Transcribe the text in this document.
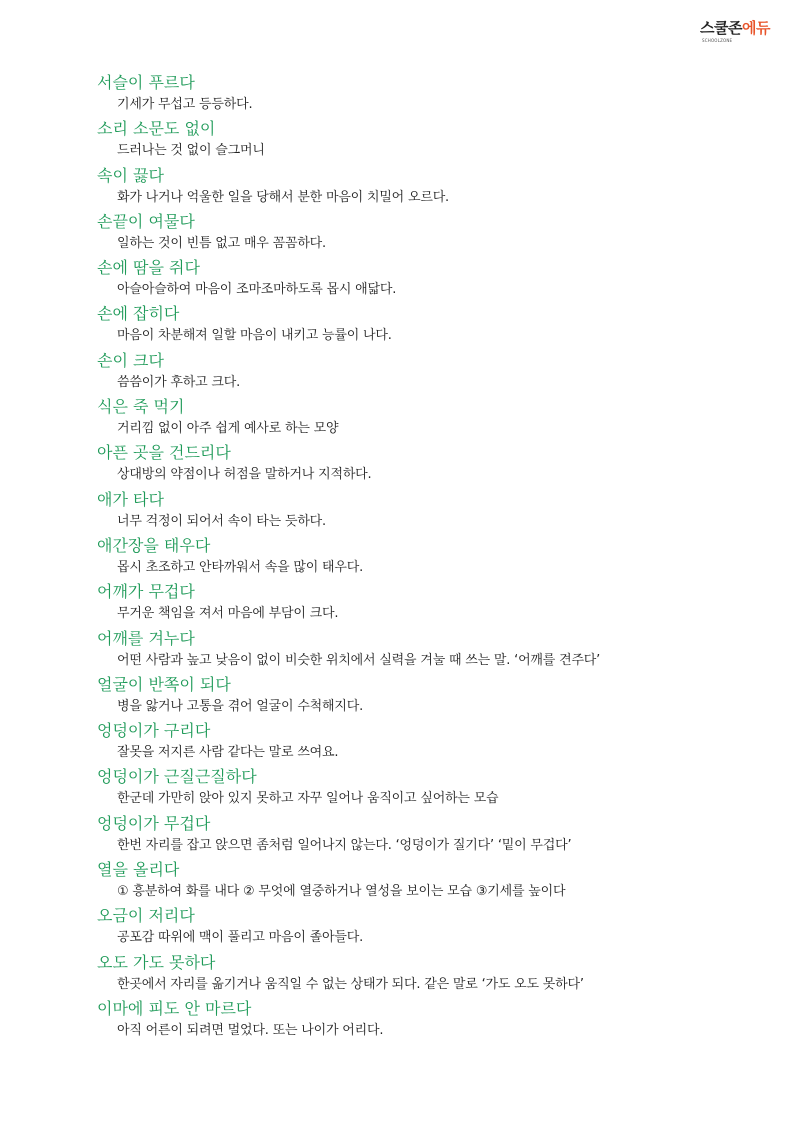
스쿨존에듀
SCHOOLZONE
서슬이 푸르다
기세가 무섭고 등등하다.
소리 소문도 없이
드러나는 것 없이 슬그머니
속이 끓다
화가 나거나 억울한 일을 당해서 분한 마음이 치밀어 오르다.
손끝이 여물다
일하는 것이 빈틈 없고 매우 꼼꼼하다.
손에 땀을 쥐다
아슬아슬하여 마음이 조마조마하도록 몹시 애닯다.
손에 잡히다
마음이 차분해져 일할 마음이 내키고 능률이 나다.
손이 크다
씀씀이가 후하고 크다.
식은 죽 먹기
거리낌 없이 아주 쉽게 예사로 하는 모양
아픈 곳을 건드리다
상대방의 약점이나 허점을 말하거나 지적하다.
애가 타다
너무 걱정이 되어서 속이 타는 듯하다.
애간장을 태우다
몹시 초조하고 안타까워서 속을 많이 태우다.
어깨가 무겁다
무거운 책임을 져서 마음에 부담이 크다.
어깨를 겨누다
어떤 사람과 높고 낮음이 없이 비슷한 위치에서 실력을 겨눌 때 쓰는 말. ‘어깨를 견주다’
얼굴이 반쪽이 되다
병을 앓거나 고통을 겪어 얼굴이 수척해지다.
엉덩이가 구리다
잘못을 저지른 사람 같다는 말로 쓰여요.
엉덩이가 근질근질하다
한군데 가만히 앉아 있지 못하고 자꾸 일어나 움직이고 싶어하는 모습
엉덩이가 무겁다
한번 자리를 잡고 앉으면 좀처럼 일어나지 않는다. ‘엉덩이가 질기다’ ‘밑이 무겁다’
열을 올리다
① 흥분하여 화를 내다 ② 무엇에 열중하거나 열성을 보이는 모습 ③기세를 높이다
오금이 저리다
공포감 따위에 맥이 풀리고 마음이 졸아들다.
오도 가도 못하다
한곳에서 자리를 옮기거나 움직일 수 없는 상태가 되다. 같은 말로 ‘가도 오도 못하다’
이마에 피도 안 마르다
아직 어른이 되려면 멀었다. 또는 나이가 어리다.
